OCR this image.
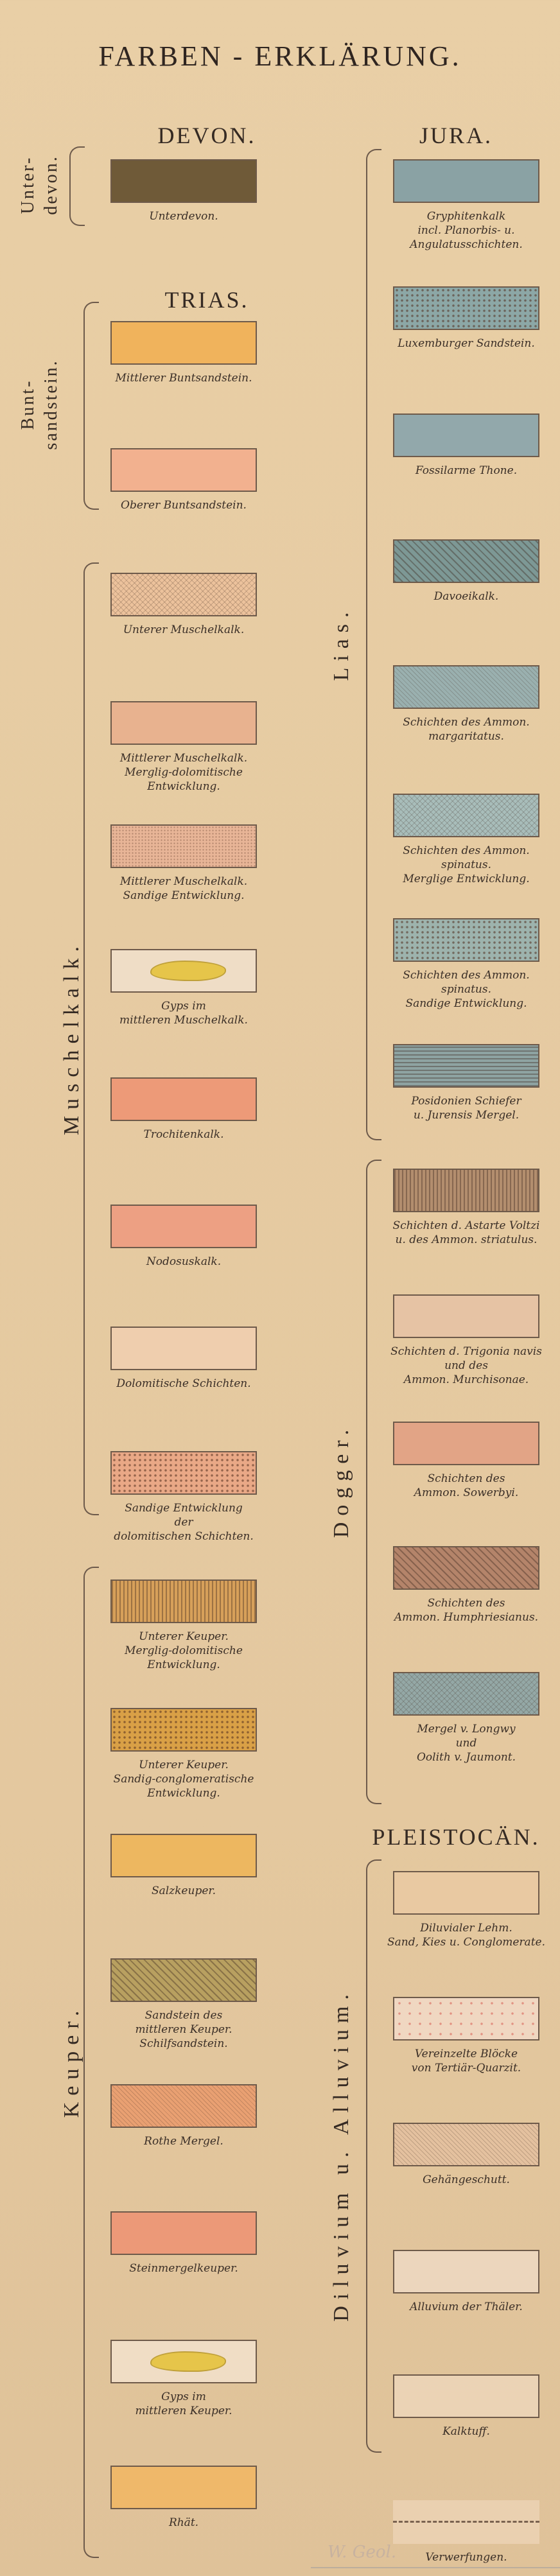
FARBEN - ERKLÄRUNG.
DEVON.
TRIAS.
JURA.
PLEISTOCÄN.
Unterdevon.
Unter- devon.
Mittlerer Buntsandstein.
Oberer Buntsandstein.
Bunt- sandstein.
Unterer Muschelkalk.
Mittlerer Muschelkalk.
Merglig-dolomitische
Entwicklung.
Mittlerer Muschelkalk.
Sandige Entwicklung.
Gyps im
mittleren Muschelkalk.
Trochitenkalk.
Nodosuskalk.
Dolomitische Schichten.
Sandige Entwicklung
der
dolomitischen Schichten.
Muschelkalk.
Unterer Keuper.
Merglig-dolomitische
Entwicklung.
Unterer Keuper.
Sandig-conglomeratische
Entwicklung.
Salzkeuper.
Sandstein des
mittleren Keuper.
Schilfsandstein.
Rothe Mergel.
Steinmergelkeuper.
Gyps im
mittleren Keuper.
Rhät.
Keuper.
Gryphitenkalk
incl. Planorbis- u.
Angulatusschichten.
Luxemburger Sandstein.
Fossilarme Thone.
Davoeikalk.
Schichten des Ammon.
margaritatus.
Schichten des Ammon.
spinatus.
Merglige Entwicklung.
Schichten des Ammon.
spinatus.
Sandige Entwicklung.
Posidonien Schiefer
u. Jurensis Mergel.
Lias.
Schichten d. Astarte Voltzi
u. des Ammon. striatulus.
Schichten d. Trigonia navis
und des
Ammon. Murchisonae.
Schichten des
Ammon. Sowerbyi.
Schichten des
Ammon. Humphriesianus.
Mergel v. Longwy
und
Oolith v. Jaumont.
Dogger.
Diluvialer Lehm.
Sand, Kies u. Conglomerate.
Vereinzelte Blöcke
von Tertiär-Quarzit.
Gehängeschutt.
Alluvium der Thäler.
Kalktuff.
Verwerfungen.
Diluvium u. Alluvium.
W. Geol.
